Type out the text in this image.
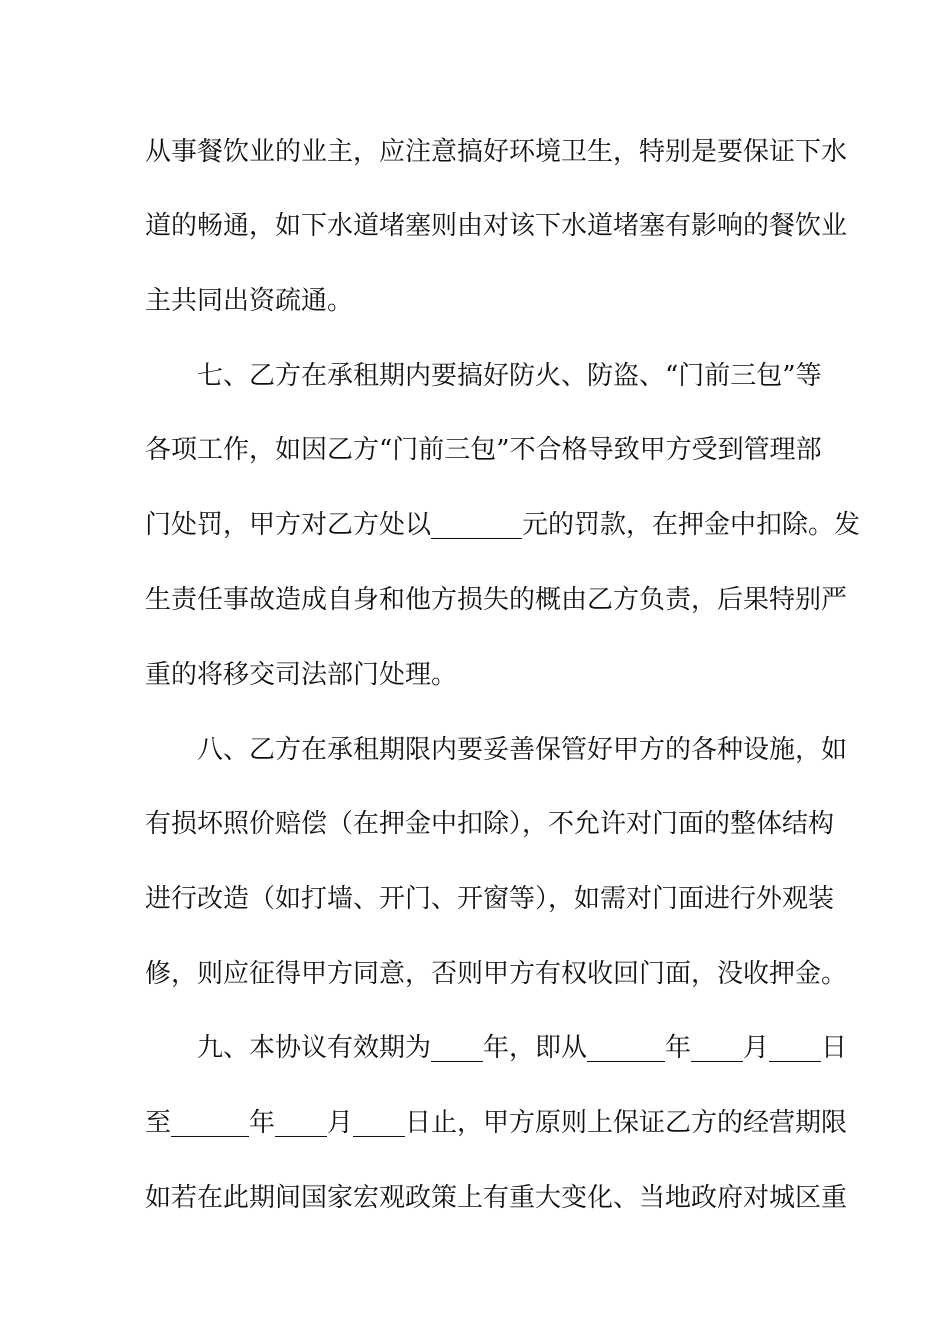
从事餐饮业的业主，应注意搞好环境卫生，特别是要保证下水
道的畅通，如下水道堵塞则由对该下水道堵塞有影响的餐饮业
主共同出资疏通。
七、乙方在承租期内要搞好防火、防盗、“门前三包”等
各项工作，如因乙方“门前三包”不合格导致甲方受到管理部
门处罚，甲方对乙方处以_______元的罚款，在押金中扣除。发
生责任事故造成自身和他方损失的概由乙方负责，后果特别严
重的将移交司法部门处理。
八、乙方在承租期限内要妥善保管好甲方的各种设施，如
有损坏照价赔偿（在押金中扣除），不允许对门面的整体结构
进行改造（如打墙、开门、开窗等），如需对门面进行外观装
修，则应征得甲方同意，否则甲方有权收回门面，没收押金。
九、本协议有效期为____年，即从______年____月____日
至______年____月____日止，甲方原则上保证乙方的经营期限
如若在此期间国家宏观政策上有重大变化、当地政府对城区重
